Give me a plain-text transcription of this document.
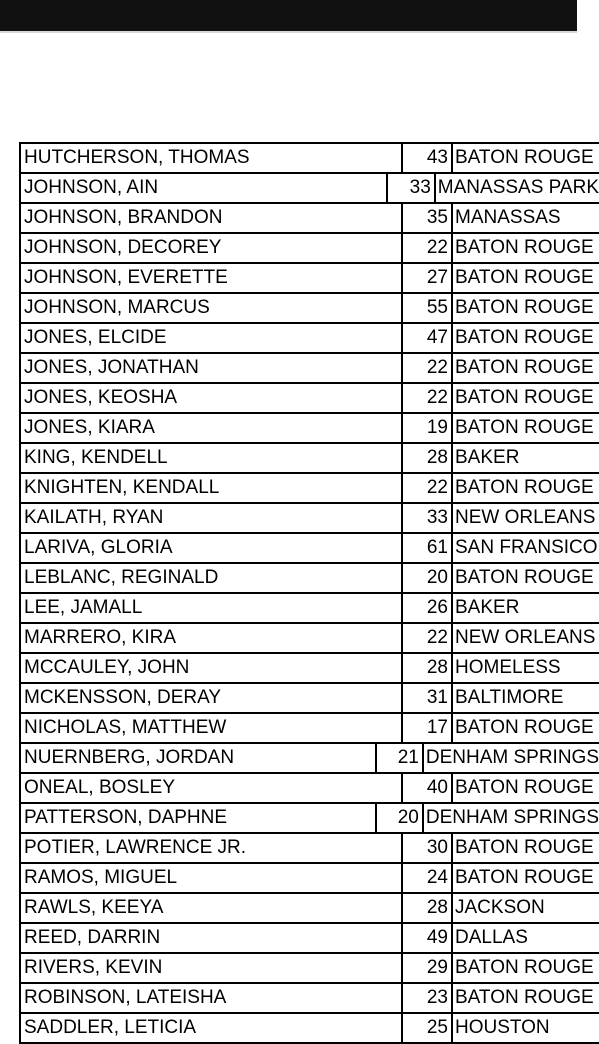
HUTCHERSON, THOMAS	43 BATON ROUGE
JOHNSON, AIN	33 MANASSAS PARK
JOHNSON, BRANDON	35 MANASSAS
JOHNSON, DECOREY	22 BATON ROUGE
JOHNSON, EVERETTE	27 BATON ROUGE
JOHNSON, MARCUS	55 BATON ROUGE
JONES, ELCIDE	47 BATON ROUGE
JONES, JONATHAN	22 BATON ROUGE
JONES, KEOSHA	22 BATON ROUGE
JONES, KIARA	19 BATON ROUGE
KING, KENDELL	28 BAKER
KNIGHTEN, KENDALL	22 BATON ROUGE
KAILATH, RYAN	33 NEW ORLEANS
LARIVA, GLORIA	61 SAN FRANSICO
LEBLANC, REGINALD	20 BATON ROUGE
LEE, JAMALL	26 BAKER
MARRERO, KIRA	22 NEW ORLEANS
MCCAULEY, JOHN	28 HOMELESS
MCKENSSON, DERAY	31 BALTIMORE
NICHOLAS, MATTHEW	17 BATON ROUGE
NUERNBERG, JORDAN	21 DENHAM SPRINGS
ONEAL, BOSLEY	40 BATON ROUGE
PATTERSON, DAPHNE	20 DENHAM SPRINGS
POTIER, LAWRENCE JR.	30 BATON ROUGE
RAMOS, MIGUEL	24 BATON ROUGE
RAWLS, KEEYA	28 JACKSON
REED, DARRIN	49 DALLAS
RIVERS, KEVIN	29 BATON ROUGE
ROBINSON, LATEISHA	23 BATON ROUGE
SADDLER, LETICIA	25 HOUSTON
